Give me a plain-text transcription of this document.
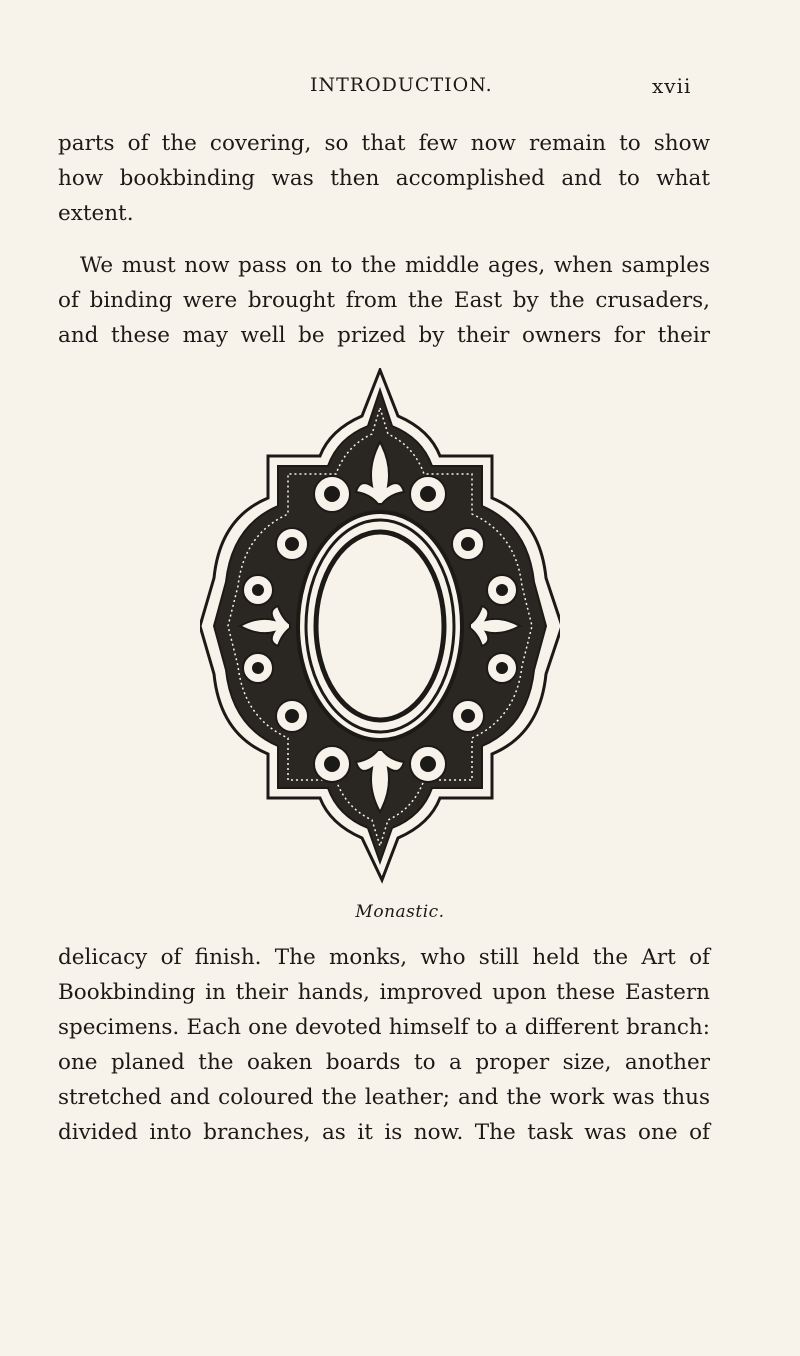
INTRODUCTION.	xvii

parts of the covering, so that few now remain to show
how bookbinding was then accomplished and to what
extent.

We must now pass on to the middle ages, when samples
of binding were brought from the East by the crusaders,
and these may well be prized by their owners for their

Monastic.

delicacy of finish. The monks, who still held the Art of
Bookbinding in their hands, improved upon these Eastern
specimens. Each one devoted himself to a different branch:
one planed the oaken boards to a proper size, another
stretched and coloured the leather; and the work was thus
divided into branches, as it is now. The task was one of
